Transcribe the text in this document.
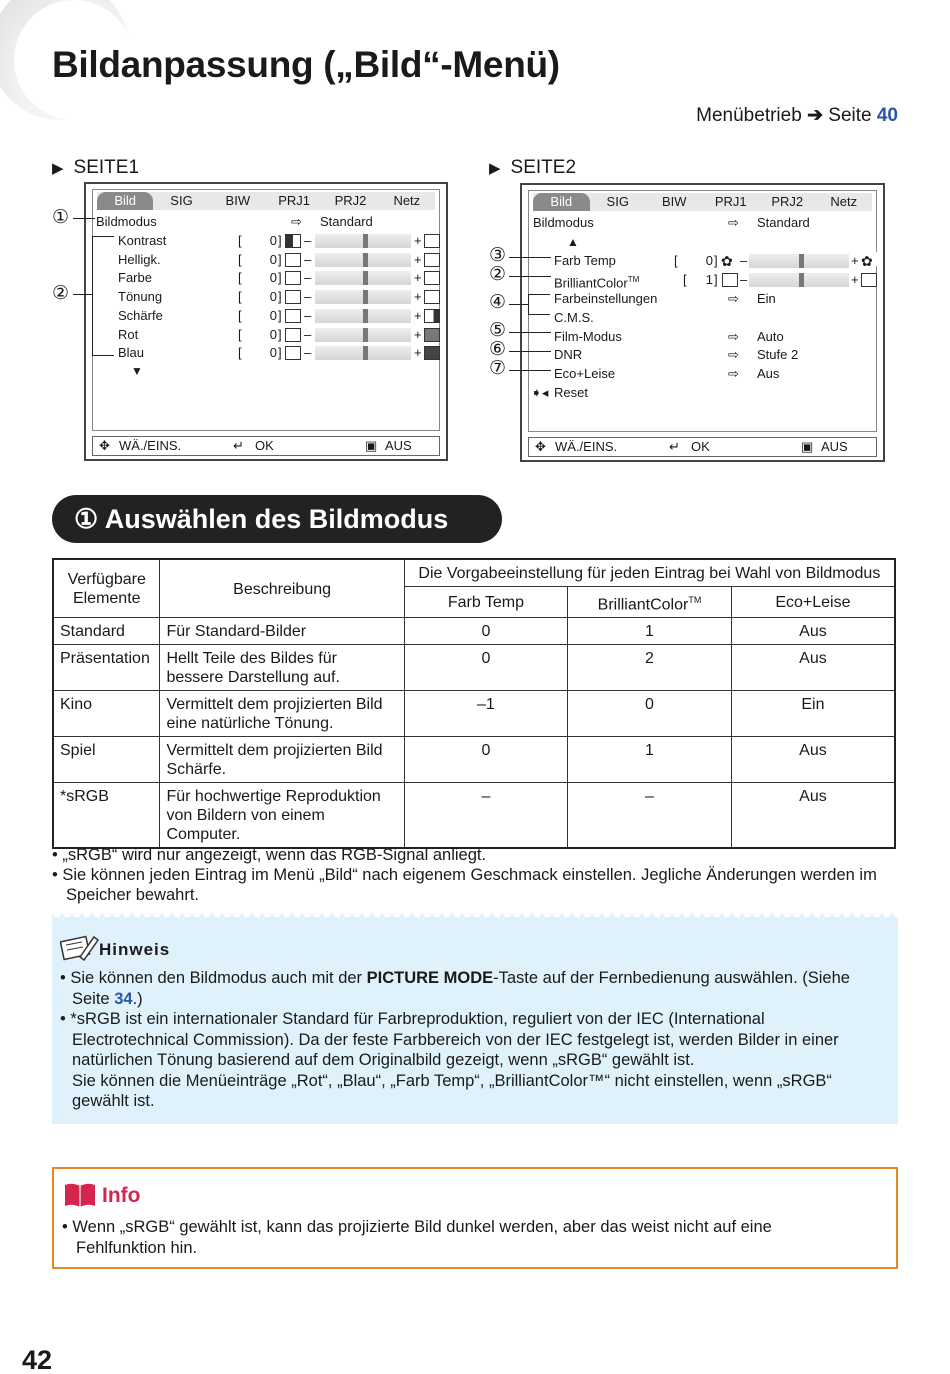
Bildanpassung („Bild“-Menü)
Menübetrieb ➔ Seite 40
▶ SEITE1	▶ SEITE2
Bild	SIG	BIW	PRJ1	PRJ2	Netz
Bildmodus	⇨ Standard
Kontrast	[	0 ] –	+
Helligk.	[	0 ] –	+
Farbe	[	0 ] –	+
Tönung	[	0 ] –	+
Schärfe	[	0 ] –	+
Rot	[	0 ] –	+
Blau	[	0 ] –	+
▼
✥ WÄ./EINS.	↵ OK	▣ AUS
①
②
Bild	SIG	BIW	PRJ1	PRJ2	Netz
Bildmodus	⇨ Standard
▲
Farb Temp	[	0 ] ✿ –	+ ✿
BrilliantColor™	[	1 ] –	+
Farbeinstellungen	⇨ Ein
C.M.S.
Film-Modus	⇨ Auto
DNR	⇨ Stufe 2
Eco+Leise	⇨ Aus
➧◂ Reset
✥ WÄ./EINS.	↵ OK	▣ AUS
③
②
④
⑤
⑥
⑦
① Auswählen des Bildmodus
Verfügbare Elemente	Beschreibung	Die Vorgabeeinstellung für jeden Eintrag bei Wahl von Bildmodus		
		Farb Temp	BrilliantColor™	Eco+Leise
Standard	Für Standard-Bilder	0	1	Aus
Präsentation	Hellt Teile des Bildes für bessere Darstellung auf.	0	2	Aus
Kino	Vermittelt dem projizierten Bild eine natürliche Tönung.	–1	0	Ein
Spiel	Vermittelt dem projizierten Bild Schärfe.	0	1	Aus
*sRGB	Für hochwertige Reproduktion von Bildern von einem Computer.	–	–	Aus
• „sRGB“ wird nur angezeigt, wenn das RGB-Signal anliegt.
• Sie können jeden Eintrag im Menü „Bild“ nach eigenem Geschmack einstellen. Jegliche Änderungen werden im Speicher bewahrt.
Hinweis
• Sie können den Bildmodus auch mit der PICTURE MODE-Taste auf der Fernbedienung auswählen. (Siehe Seite 34.)
• *sRGB ist ein internationaler Standard für Farbreproduktion, reguliert von der IEC (International Electrotechnical Commission). Da der feste Farbbereich von der IEC festgelegt ist, werden Bilder in einer natürlichen Tönung basierend auf dem Originalbild gezeigt, wenn „sRGB“ gewählt ist.
Sie können die Menüeinträge „Rot“, „Blau“, „Farb Temp“, „BrilliantColor™“ nicht einstellen, wenn „sRGB“ gewählt ist.
Info
• Wenn „sRGB“ gewählt ist, kann das projizierte Bild dunkel werden, aber das weist nicht auf eine Fehlfunktion hin.
42
